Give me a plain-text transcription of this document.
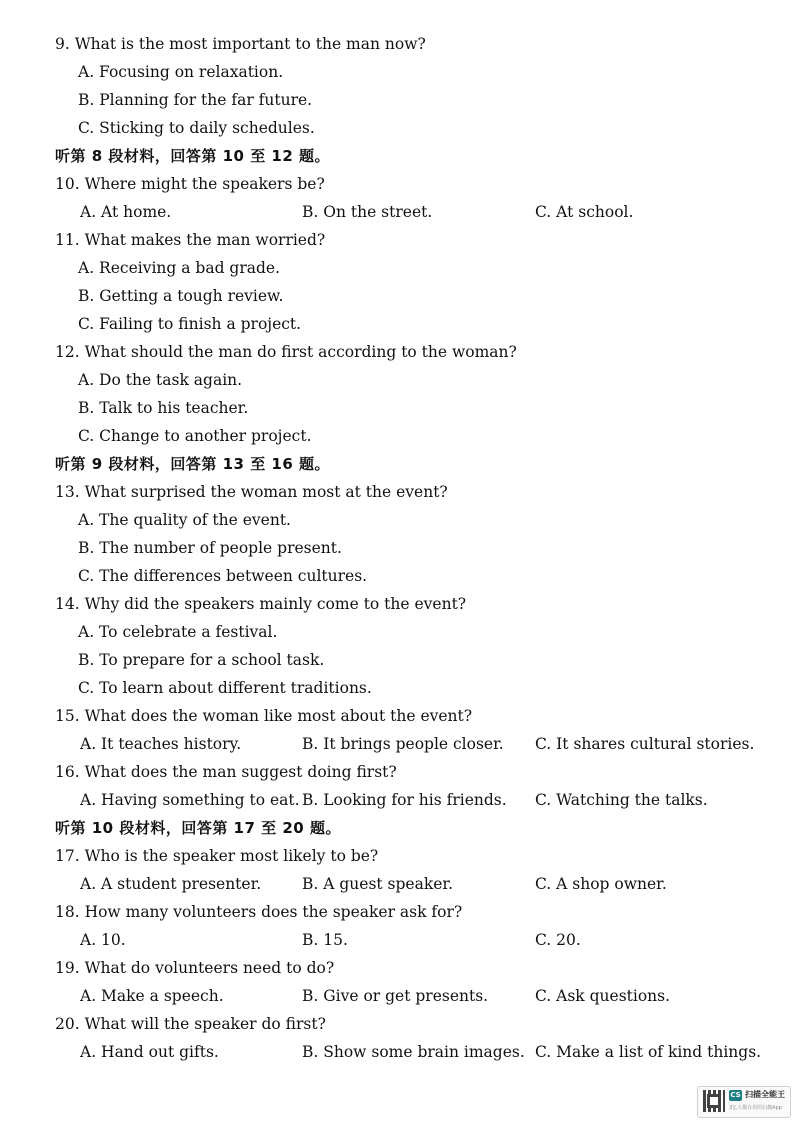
9. What is the most important to the man now?
A. Focusing on relaxation.
B. Planning for the far future.
C. Sticking to daily schedules.
听第 8 段材料，回答第 10 至 12 题。
10. Where might the speakers be?
A. At home.	B. On the street.	C. At school.
11. What makes the man worried?
A. Receiving a bad grade.
B. Getting a tough review.
C. Failing to finish a project.
12. What should the man do first according to the woman?
A. Do the task again.
B. Talk to his teacher.
C. Change to another project.
听第 9 段材料，回答第 13 至 16 题。
13. What surprised the woman most at the event?
A. The quality of the event.
B. The number of people present.
C. The differences between cultures.
14. Why did the speakers mainly come to the event?
A. To celebrate a festival.
B. To prepare for a school task.
C. To learn about different traditions.
15. What does the woman like most about the event?
A. It teaches history.	B. It brings people closer. C. It shares cultural stories.
16. What does the man suggest doing first?
A. Having something to eat. B. Looking for his friends. C. Watching the talks.
听第 10 段材料，回答第 17 至 20 题。
17. Who is the speaker most likely to be?
A. A student presenter.	B. A guest speaker.	C. A shop owner.
18. How many volunteers does the speaker ask for?
A. 10.	B. 15.	C. 20.
19. What do volunteers need to do?
A. Make a speech.	B. Give or get presents.	C. Ask questions.
20. What will the speaker do first?
A. Hand out gifts.	B. Show some brain images. C. Make a list of kind things.
CS 扫描全能王
3亿人都在用的扫描App
